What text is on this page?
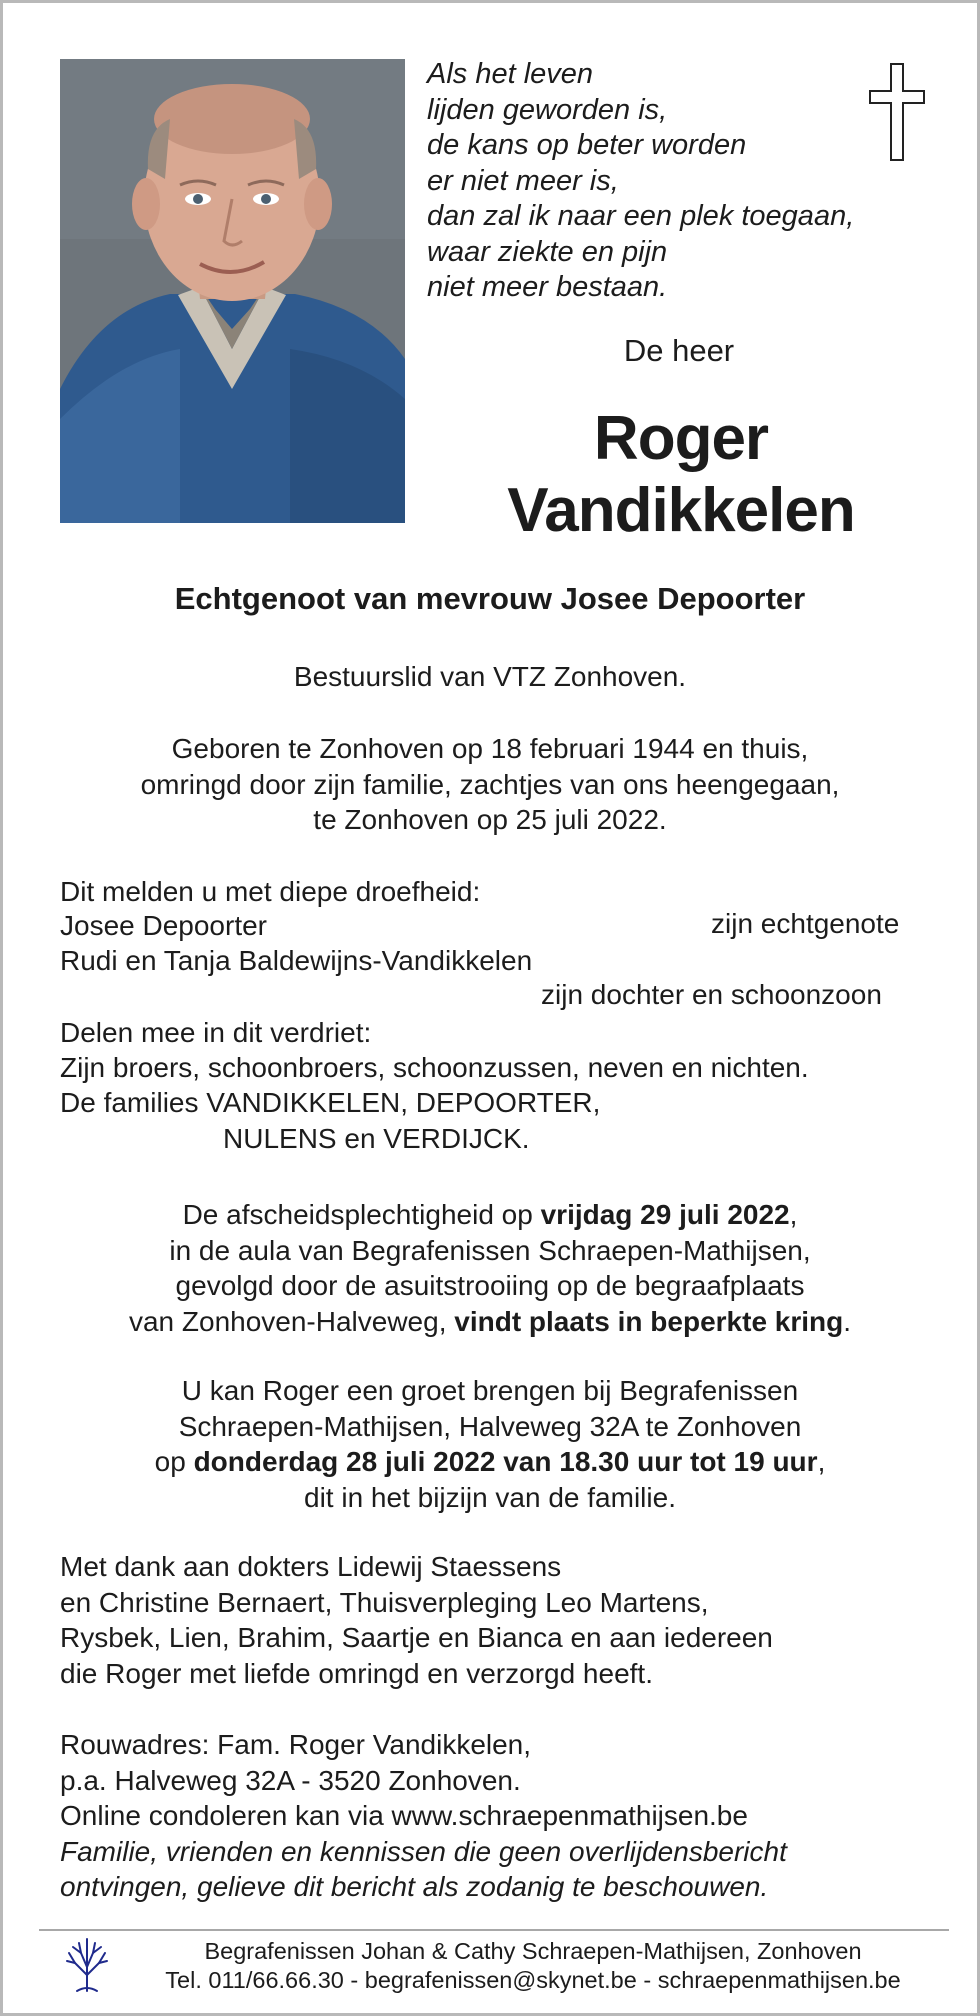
Als het leven
lijden geworden is,
de kans op beter worden
er niet meer is,
dan zal ik naar een plek toegaan,
waar ziekte en pijn
niet meer bestaan.
De heer
Roger
Vandikkelen
Echtgenoot van mevrouw Josee Depoorter
Bestuurslid van VTZ Zonhoven.
Geboren te Zonhoven op 18 februari 1944 en thuis,
omringd door zijn familie, zachtjes van ons heengegaan,
te Zonhoven op 25 juli 2022.
Dit melden u met diepe droefheid:
Josee Depoorter	zijn echtgenote
Rudi en Tanja Baldewijns-Vandikkelen
zijn dochter en schoonzoon
Delen mee in dit verdriet:
Zijn broers, schoonbroers, schoonzussen, neven en nichten.
De families VANDIKKELEN, DEPOORTER,
NULENS en VERDIJCK.
De afscheidsplechtigheid op vrijdag 29 juli 2022,
in de aula van Begrafenissen Schraepen-Mathijsen,
gevolgd door de asuitstrooiing op de begraafplaats
van Zonhoven-Halveweg, vindt plaats in beperkte kring.
U kan Roger een groet brengen bij Begrafenissen
Schraepen-Mathijsen, Halveweg 32A te Zonhoven
op donderdag 28 juli 2022 van 18.30 uur tot 19 uur,
dit in het bijzijn van de familie.
Met dank aan dokters Lidewij Staessens
en Christine Bernaert, Thuisverpleging Leo Martens,
Rysbek, Lien, Brahim, Saartje en Bianca en aan iedereen
die Roger met liefde omringd en verzorgd heeft.
Rouwadres: Fam. Roger Vandikkelen,
p.a. Halveweg 32A - 3520 Zonhoven.
Online condoleren kan via www.schraepenmathijsen.be
Familie, vrienden en kennissen die geen overlijdensbericht
ontvingen, gelieve dit bericht als zodanig te beschouwen.
Begrafenissen Johan & Cathy Schraepen-Mathijsen, Zonhoven
Tel. 011/66.66.30 - begrafenissen@skynet.be - schraepenmathijsen.be
